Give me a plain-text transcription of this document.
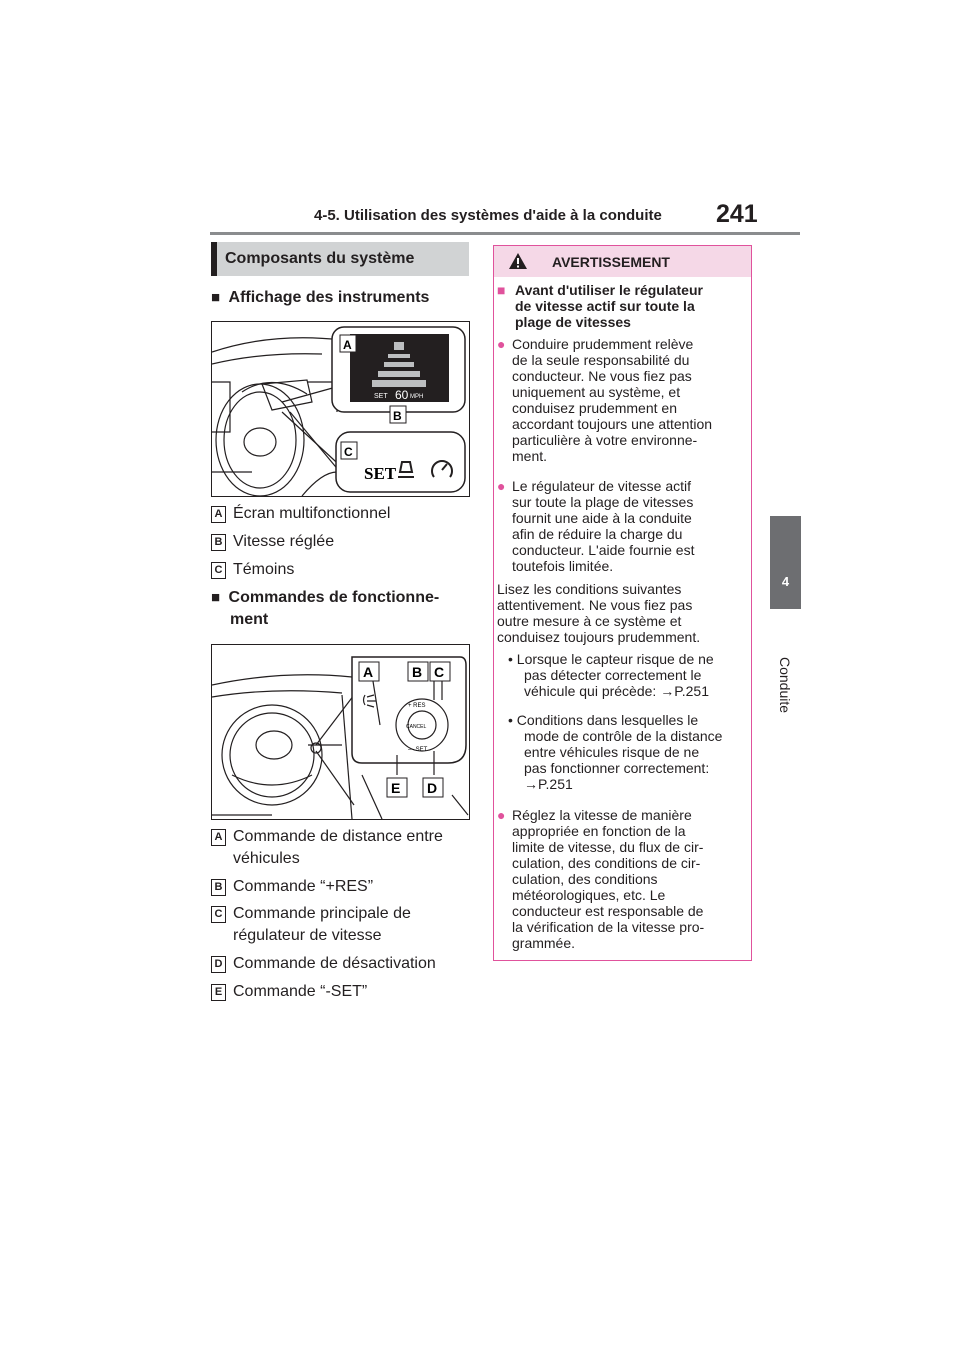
4-5. Utilisation des systèmes d'aide à la conduite 241
4
Conduite
Composants du système
■ Affichage des instruments
SET 60 MPH
SET
A
B
C
A Écran multifonctionnel
B Vitesse réglée
C Témoins
■ Commandes de fonctionne-
ment
+ RES
CANCEL
— SET
A	B C
E D
A Commande de distance entre
véhicules
B Commande “+RES”
C Commande principale de
régulateur de vitesse
D Commande de désactivation
E Commande “-SET”
AVERTISSEMENT
■ Avant d'utiliser le régulateur
de vitesse actif sur toute la
plage de vitesses
● Conduire prudemment relève
de la seule responsabilité du
conducteur. Ne vous fiez pas
uniquement au système, et
conduisez prudemment en
accordant toujours une attention
particulière à votre environne-
ment.
● Le régulateur de vitesse actif
sur toute la plage de vitesses
fournit une aide à la conduite
afin de réduire la charge du
conducteur. L'aide fournie est
toutefois limitée.
Lisez les conditions suivantes
attentivement. Ne vous fiez pas
outre mesure à ce système et
conduisez toujours prudemment.
• Lorsque le capteur risque de ne
pas détecter correctement le
véhicule qui précède: →P.251
• Conditions dans lesquelles le
mode de contrôle de la distance
entre véhicules risque de ne
pas fonctionner correctement:
→P.251
● Réglez la vitesse de manière
appropriée en fonction de la
limite de vitesse, du flux de cir-
culation, des conditions de cir-
culation, des conditions
météorologiques, etc. Le
conducteur est responsable de
la vérification de la vitesse pro-
grammée.
